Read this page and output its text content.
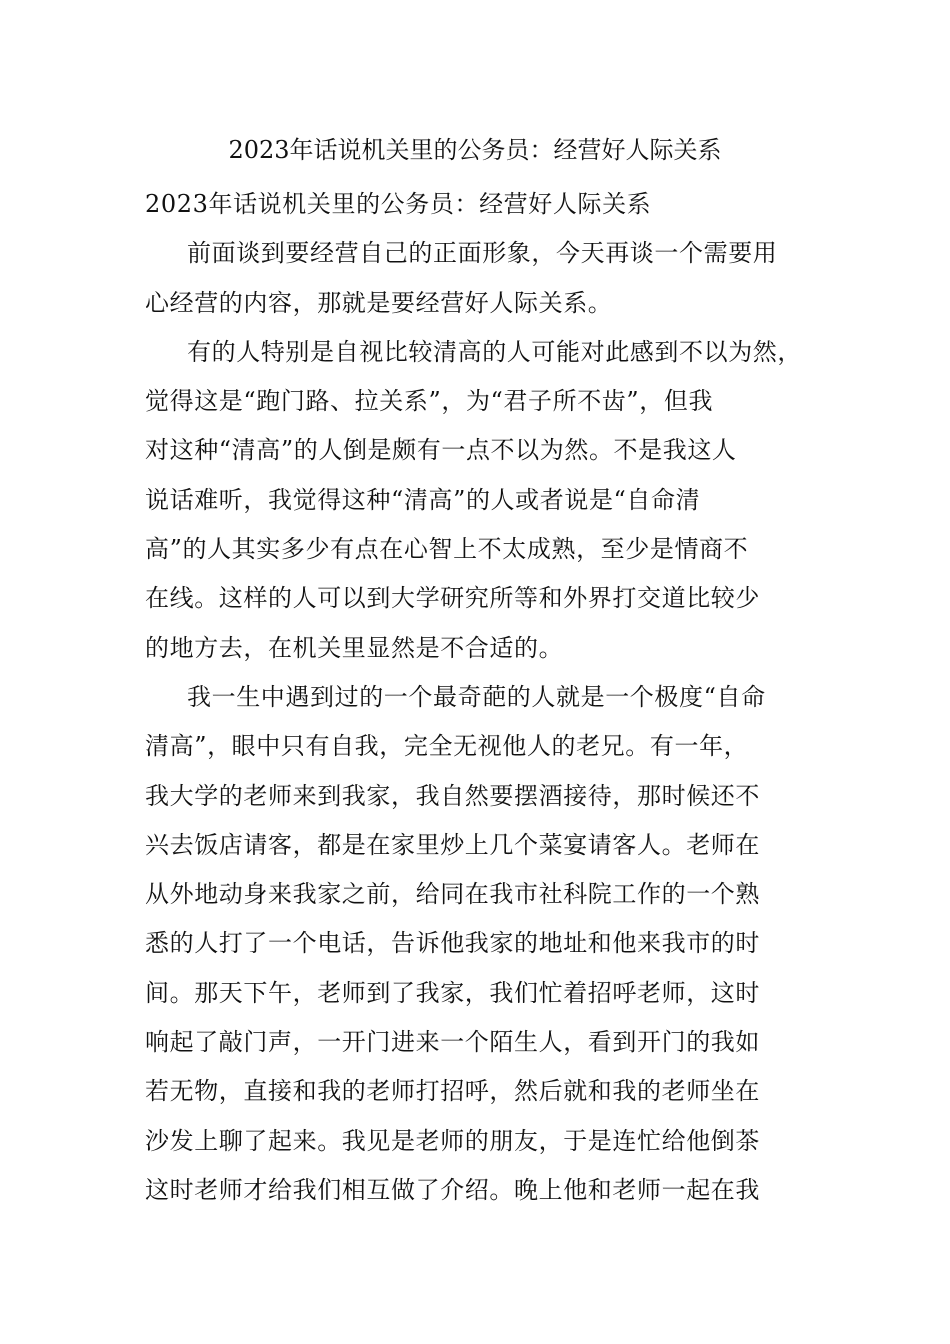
2023年话说机关里的公务员：经营好人际关系
2023年话说机关里的公务员：经营好人际关系
前面谈到要经营自己的正面形象，今天再谈一个需要用
心经营的内容，那就是要经营好人际关系。
有的人特别是自视比较清高的人可能对此感到不以为然，
觉得这是“跑门路、拉关系”，为“君子所不齿”，但我
对这种“清高”的人倒是颇有一点不以为然。不是我这人
说话难听，我觉得这种“清高”的人或者说是“自命清
高”的人其实多少有点在心智上不太成熟，至少是情商不
在线。这样的人可以到大学研究所等和外界打交道比较少
的地方去，在机关里显然是不合适的。
我一生中遇到过的一个最奇葩的人就是一个极度“自命
清高”，眼中只有自我，完全无视他人的老兄。有一年，
我大学的老师来到我家，我自然要摆酒接待，那时候还不
兴去饭店请客，都是在家里炒上几个菜宴请客人。老师在
从外地动身来我家之前，给同在我市社科院工作的一个熟
悉的人打了一个电话，告诉他我家的地址和他来我市的时
间。那天下午，老师到了我家，我们忙着招呼老师，这时
响起了敲门声，一开门进来一个陌生人，看到开门的我如
若无物，直接和我的老师打招呼，然后就和我的老师坐在
沙发上聊了起来。我见是老师的朋友，于是连忙给他倒茶
这时老师才给我们相互做了介绍。晚上他和老师一起在我
